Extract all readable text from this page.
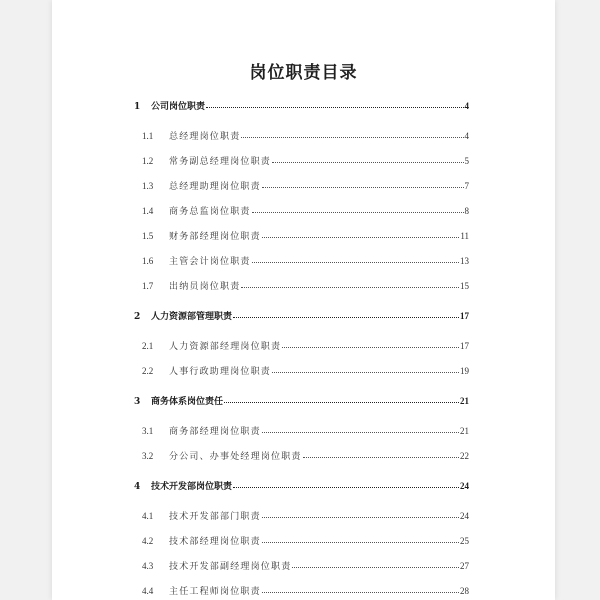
岗位职责目录
1	公司岗位职责	4
1.1	总经理岗位职责	4
1.2	常务副总经理岗位职责	5
1.3	总经理助理岗位职责	7
1.4	商务总监岗位职责	8
1.5	财务部经理岗位职责	11
1.6	主管会计岗位职责	13
1.7	出纳员岗位职责	15
2	人力资源部管理职责	17
2.1	人力资源部经理岗位职责	17
2.2	人事行政助理岗位职责	19
3	商务体系岗位责任	21
3.1	商务部经理岗位职责	21
3.2	分公司、办事处经理岗位职责	22
4	技术开发部岗位职责	24
4.1	技术开发部部门职责	24
4.2	技术部经理岗位职责	25
4.3	技术开发部副经理岗位职责	27
4.4	主任工程师岗位职责	28
